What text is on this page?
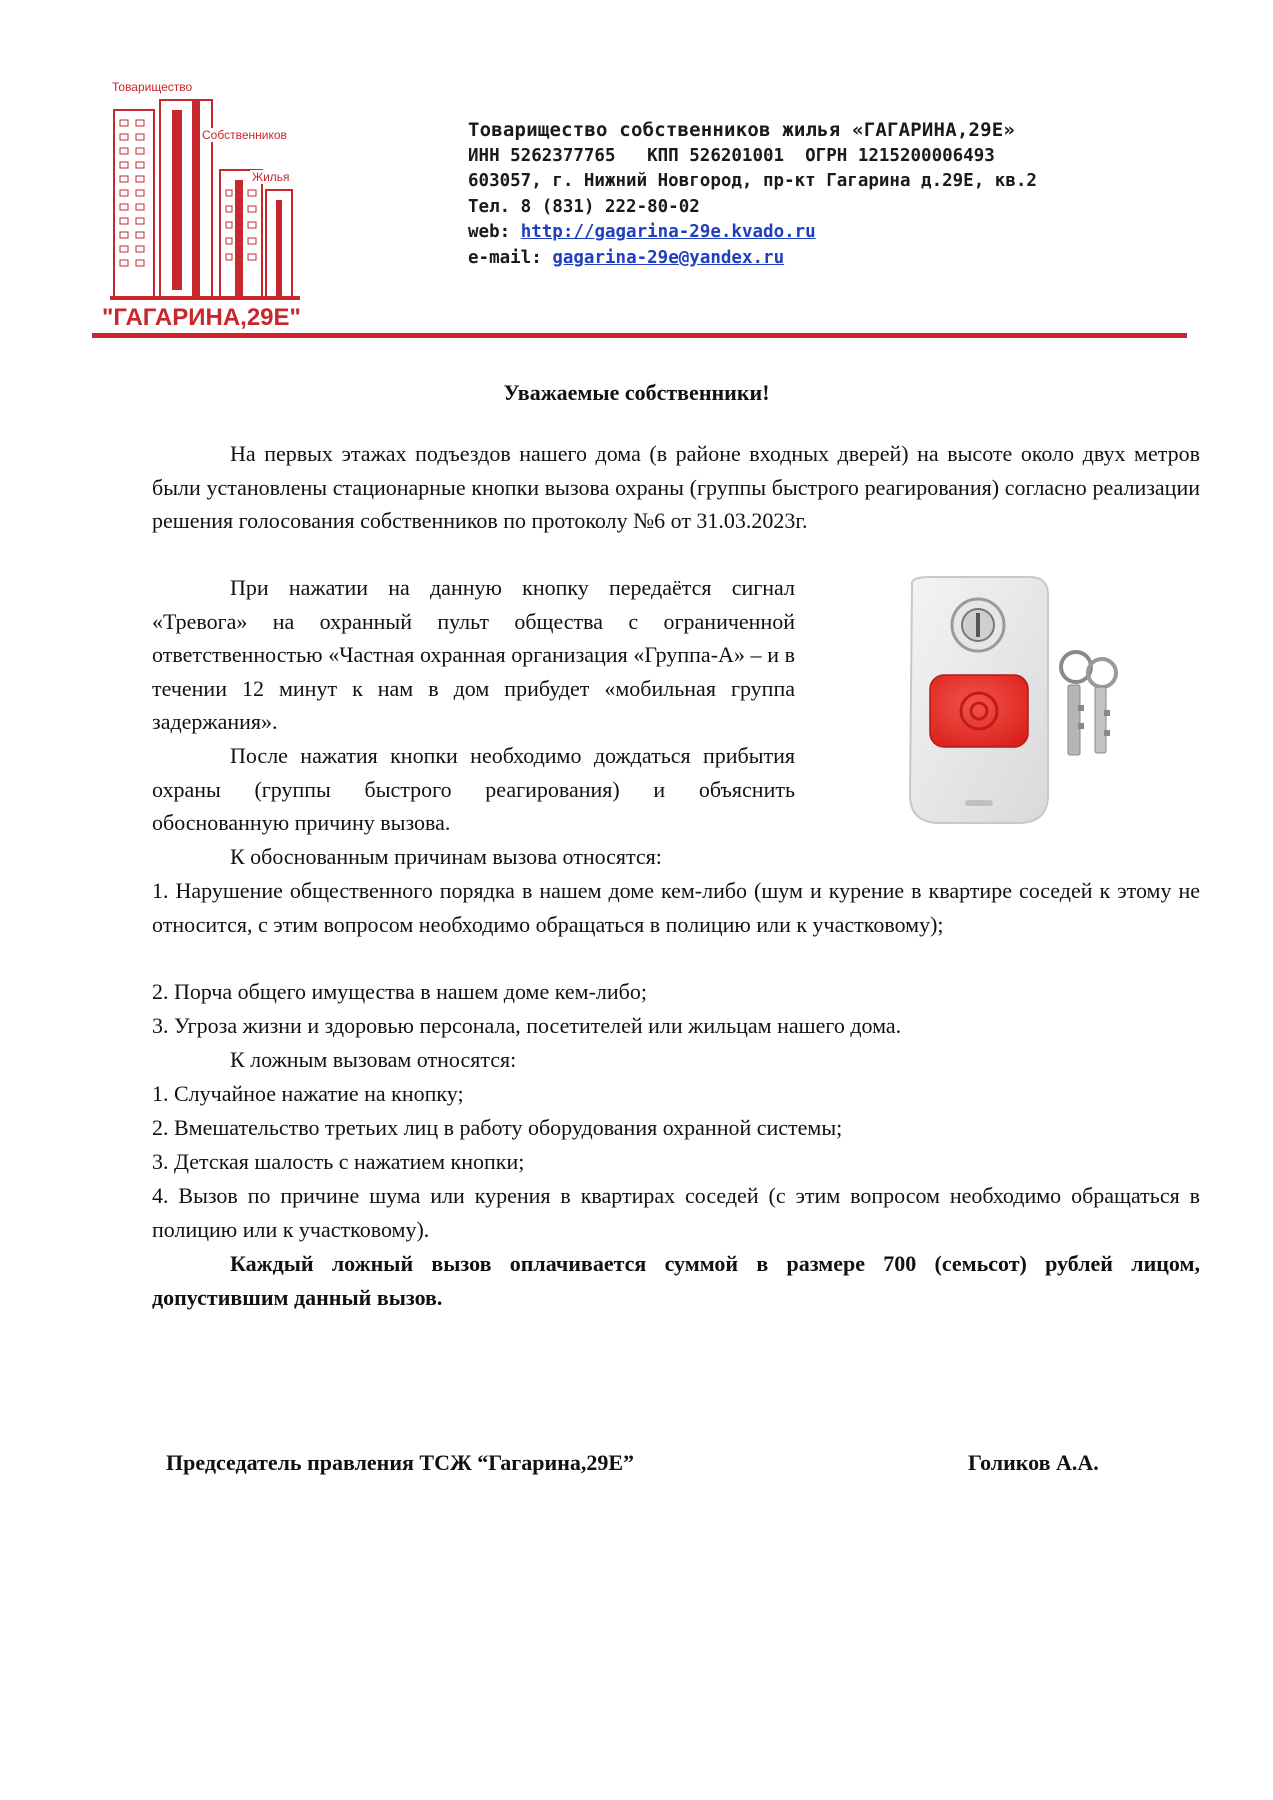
Товарищество
Собственников
Жилья
"ГАГАРИНА,29Е"
Товарищество собственников жилья «ГАГАРИНА,29Е»
ИНН 5262377765   КПП 526201001  ОГРН 1215200006493
603057, г. Нижний Новгород, пр-кт Гагарина д.29Е, кв.2
Тел. 8 (831) 222-80-02
web: http://gagarina-29e.kvado.ru
e-mail: gagarina-29e@yandex.ru
Уважаемые собственники!
На первых этажах подъездов нашего дома (в районе входных дверей) на высоте около двух метров были установлены стационарные кнопки вызова охраны (группы быстрого реагирования) согласно реализации решения голосования собственников по протоколу №6 от 31.03.2023г.
При нажатии на данную кнопку передаётся сигнал «Тревога» на охранный пульт общества с ограниченной ответственностью «Частная охранная организация «Группа-А» – и в течении 12 минут к нам в дом прибудет «мобильная группа задержания».
После нажатия кнопки необходимо дождаться прибытия охраны (группы быстрого реагирования) и объяснить обоснованную причину вызова.
К обоснованным причинам вызова относятся:
1. Нарушение общественного порядка в нашем доме кем-либо (шум и курение в квартире соседей к этому не относится, с этим вопросом необходимо обращаться в полицию или к участковому);
2. Порча общего имущества в нашем доме кем-либо;
3. Угроза жизни и здоровью персонала, посетителей или жильцам нашего дома.
К ложным вызовам относятся:
1. Случайное нажатие на кнопку;
2. Вмешательство третьих лиц в работу оборудования охранной системы;
3. Детская шалость с нажатием кнопки;
4. Вызов по причине шума или курения в квартирах соседей (с этим вопросом необходимо обращаться в полицию или к участковому).
Каждый ложный вызов оплачивается суммой в размере 700 (семьсот) рублей лицом, допустившим данный вызов.
Председатель правления ТСЖ “Гагарина,29Е”	Голиков А.А.
